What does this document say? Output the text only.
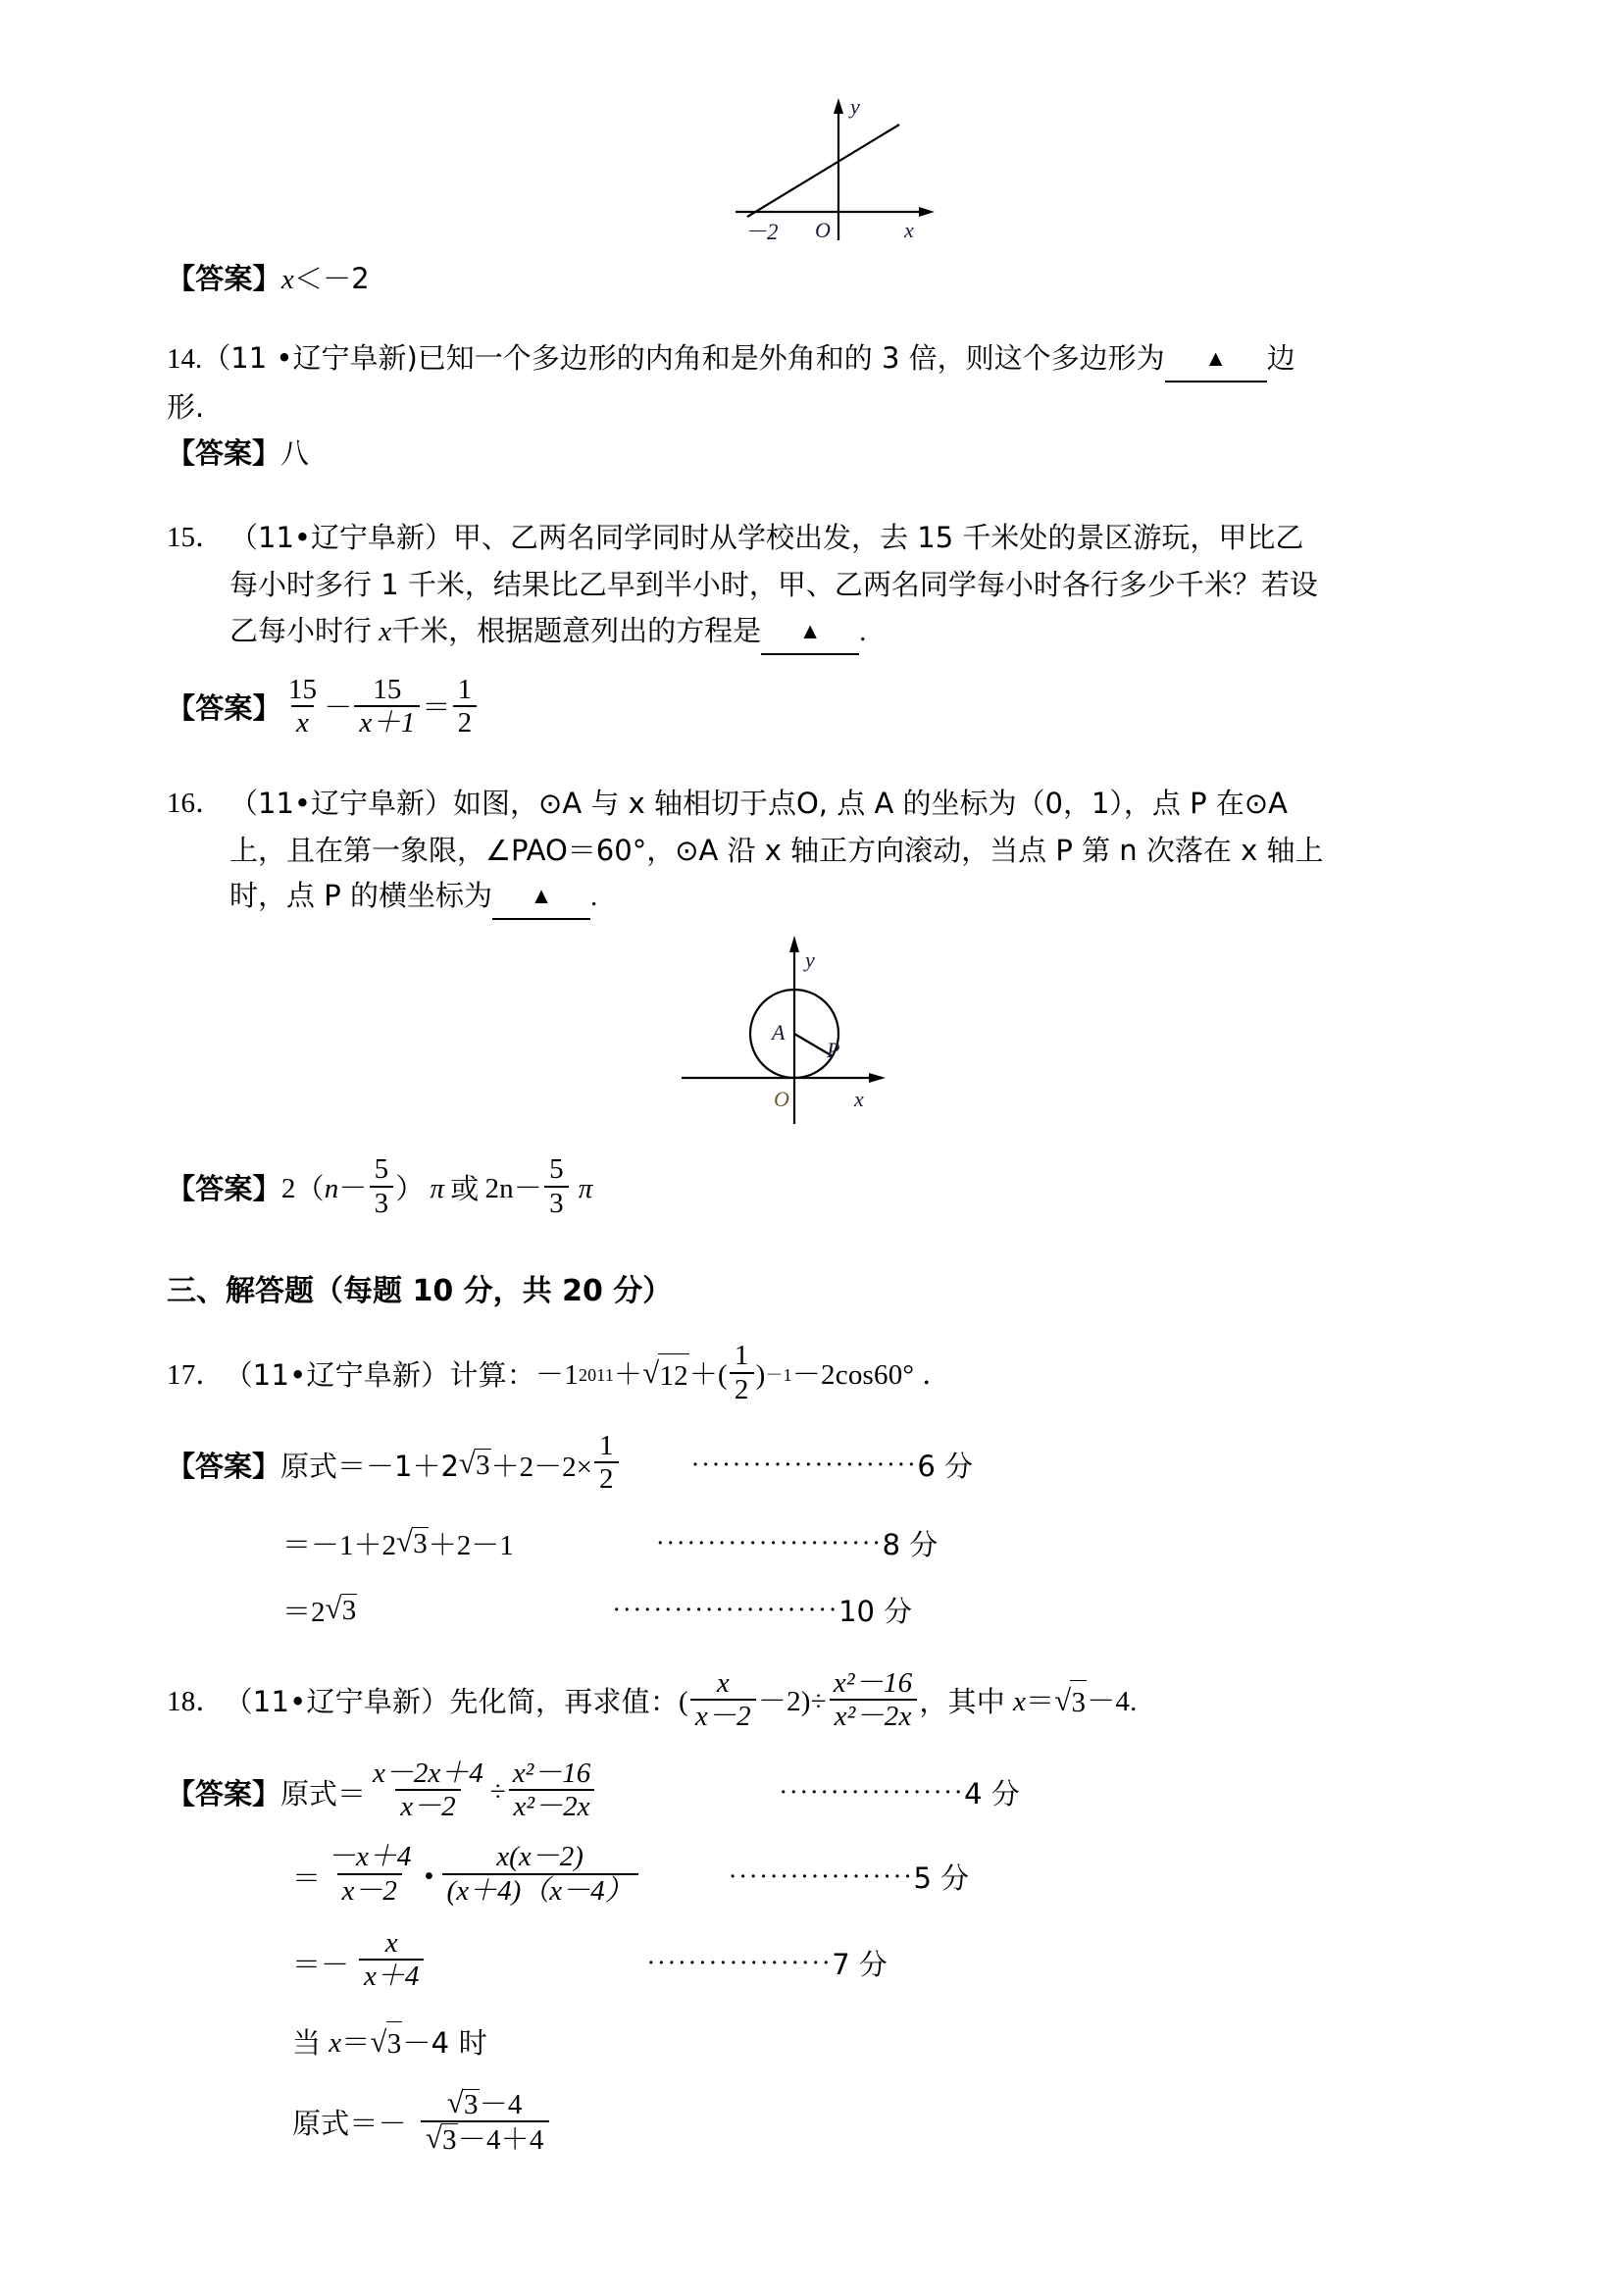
y
x
O
－2
【答案】x＜－2
14.（11 •辽宁阜新)已知一个多边形的内角和是外角和的 3 倍，则这个多边形为 ▲ 边
形.
【答案】八
15． （11•辽宁阜新）甲、乙两名同学同时从学校出发，去 15 千米处的景区游玩，甲比乙
每小时多行 1 千米，结果比乙早到半小时，甲、乙两名同学每小时各行多少千米？若设
乙每小时行 x千米，根据题意列出的方程是 ▲ .
【答案】 $\frac{15}{x} - \frac{15}{x+1} = \frac{1}{2}$
16． （11•辽宁阜新）如图，⊙A 与 x 轴相切于点O, 点 A 的坐标为（0，1），点 P 在⊙A
上，且在第一象限，∠PAO＝60°，⊙A 沿 x 轴正方向滚动，当点 P 第 n 次落在 x 轴上
时，点 P 的横坐标为 ▲ .
A
P
y
x
O
【答案】 2 （ $n - \frac{5}{3}$ ） π 或 $2n - \frac{5}{3}$ π
三、解答题（每题 10 分，共 20 分）
17． （11•辽宁阜新） 计算： －1 2011 ＋ √ 12 ＋( $\frac{1}{2}$ ) －1 －2cos60° ．
【答案】 原式＝－1＋2 √ $3 +2-2\times \frac{1}{2}$	······················ 6 分
＝－1＋2 √ 3 ＋2－1	······················ 8 分
＝2 √ 3	······················ 10 分
18． （11•辽宁阜新） 先化简，再求值： ( $\frac{x}{x-2} -2) \div \frac{\text{x²－16}}{\text{x²－2x}}$ ，其中 x ＝ √ 3 －4.
【答案】 原式＝ $\frac{x-2x+4}{x-2} \div \frac{\text{x²－16}}{\text{x²－2x}}$	·················· 4 分
＝ $\frac{-x+4}{x-2}$ • $\frac{x(x-2)}{(x+4)(x-4)}$	·················· 5 分
＝－ $\frac{x}{x+4}$	·················· 7 分
当 x ＝ √ 3 －4 时
原式＝－ √ 3－4
√ 3－4＋4
